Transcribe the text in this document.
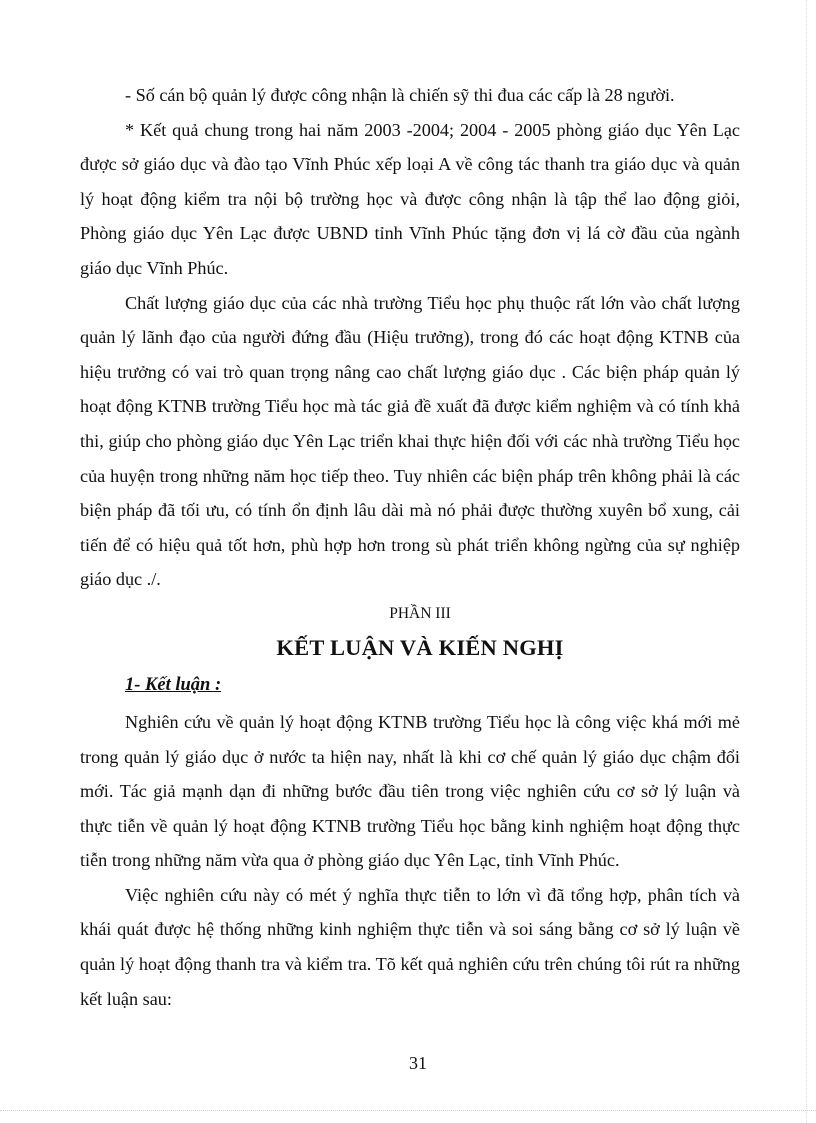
- Số cán bộ quản lý được công nhận là chiến sỹ thi đua các cấp là 28 người.

* Kết quả chung trong hai năm 2003 -2004; 2004 - 2005 phòng giáo dục Yên Lạc được sở giáo dục và đào tạo Vĩnh Phúc xếp loại A về công tác thanh tra giáo dục và quản lý hoạt động kiểm tra nội bộ trường học và được công nhận là tập thể lao động giỏi, Phòng giáo dục Yên Lạc được UBND tỉnh Vĩnh Phúc tặng đơn vị lá cờ đầu của ngành giáo dục Vĩnh Phúc.

Chất lượng giáo dục của các nhà trường Tiểu học phụ thuộc rất lớn vào chất lượng quản lý lãnh đạo của người đứng đầu (Hiệu trưởng), trong đó các hoạt động KTNB của hiệu trưởng có vai trò quan trọng nâng cao chất lượng giáo dục . Các biện pháp quản lý hoạt động KTNB trường Tiểu học mà tác giả đề xuất đã được kiểm nghiệm và có tính khả thi, giúp cho phòng giáo dục Yên Lạc triển khai thực hiện đối với các nhà trường Tiểu học của huyện trong những năm học tiếp theo. Tuy nhiên các biện pháp trên không phải là các biện pháp đã tối ưu, có tính ổn định lâu dài mà nó phải được thường xuyên bổ xung, cải tiến để có hiệu quả tốt hơn, phù hợp hơn trong sù phát triển không ngừng của sự nghiệp giáo dục ./.

PHẦN III

KẾT LUẬN VÀ KIẾN NGHỊ

1- Kết luận :

Nghiên cứu về quản lý hoạt động KTNB trường Tiểu học là công việc khá mới mẻ trong quản lý giáo dục ở nước ta hiện nay, nhất là khi cơ chế quản lý giáo dục chậm đổi mới. Tác giả mạnh dạn đi những bước đầu tiên trong việc nghiên cứu cơ sở lý luận và thực tiễn về quản lý hoạt động KTNB trường Tiểu học bằng kinh nghiệm hoạt động thực tiễn trong những năm vừa qua ở phòng giáo dục Yên Lạc, tỉnh Vĩnh Phúc.

Việc nghiên cứu này có mét ý nghĩa thực tiễn to lớn vì đã tổng hợp, phân tích và khái quát được hệ thống những kinh nghiệm thực tiễn và soi sáng bằng cơ sở lý luận về quản lý hoạt động thanh tra và kiểm tra. Tõ kết quả nghiên cứu trên chúng tôi rút ra những kết luận sau:

31
